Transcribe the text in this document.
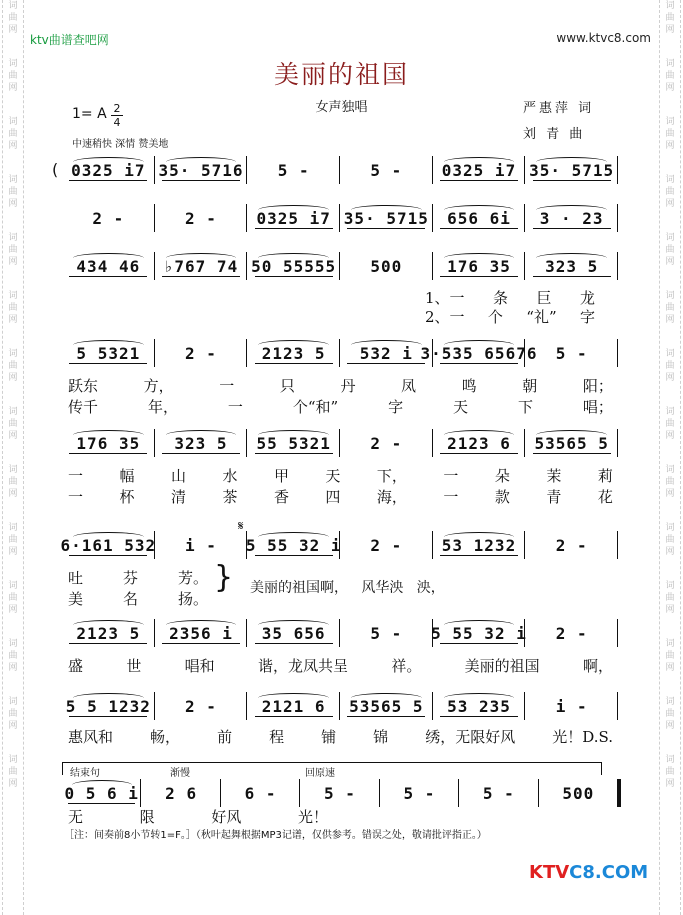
词
曲
网
词
曲
网
词
曲
网
词
曲
网
词
曲
网
词
曲
网
词
曲
网
词
曲
网
词
曲
网
词
曲
网
词
曲
网
词
曲
网
词
曲
网
词
曲
网
词
曲
网
词
曲
网
词
曲
网
词
曲
网
词
曲
网
词
曲
网
词
曲
网
词
曲
网
词
曲
网
词
曲
网
词
曲
网
词
曲
网
词
曲
网
词
曲
网
ktv曲谱查吧网	www.ktvc8.com
美丽的祖国
女声独唱	严惠萍 词
刘 青 曲
1= A 2
4
中速稍快 深情 赞美地
0325 i7 35· 5716 5 -	5 - 0325 i7 35· 5715
(
2 -	2 - 0325 i7 35· 5715 656 6i 3 · 23
434 46 ♭767 74 50 55555 500	176 35 323 5
5 5321	2 -	2123 5 532 i 3·535 65676 5 -
176 35 323 5 55 5321 2 -	2123 6 53565 5
6·161 532 i - 5 55 32 i 2 - 53 1232 2 -
2123 5 2356 i 35 656	5 - 5 55 32 i 2 -
5 5 1232 2 -	2121 6 53565 5 53 235	i -
0 5 6 i 2 6	6 -	5 -	5 -	5 -	500
1、一 条 巨 龙
2、一 个 “礼” 字
跃东	方，	一	只	丹	凤	鸣	朝	阳；
传千	年，	一	个“和”	字	天	下	唱；
一 幅 山 水 甲 天 下， 一 朵 茉 莉
一 杯 清 茶 香 四 海， 一 款 青 花
吐	芬	芳。
美	名	扬。
} 美丽的祖国啊，   风华泱   泱，
盛	世	唱和	谐，龙凤共呈	祥。	美丽的祖国	啊，
惠风和 畅， 前 程 铺 锦 绣，无限好风 光！D.S.
无	限	好风	光！
结束句	渐慢	回原速
𝄋
［注：间奏前8小节转1=F。］（秋叶起舞根据MP3记谱，仅供参考。错误之处，敬请批评指正。）
KTVC8.COM
